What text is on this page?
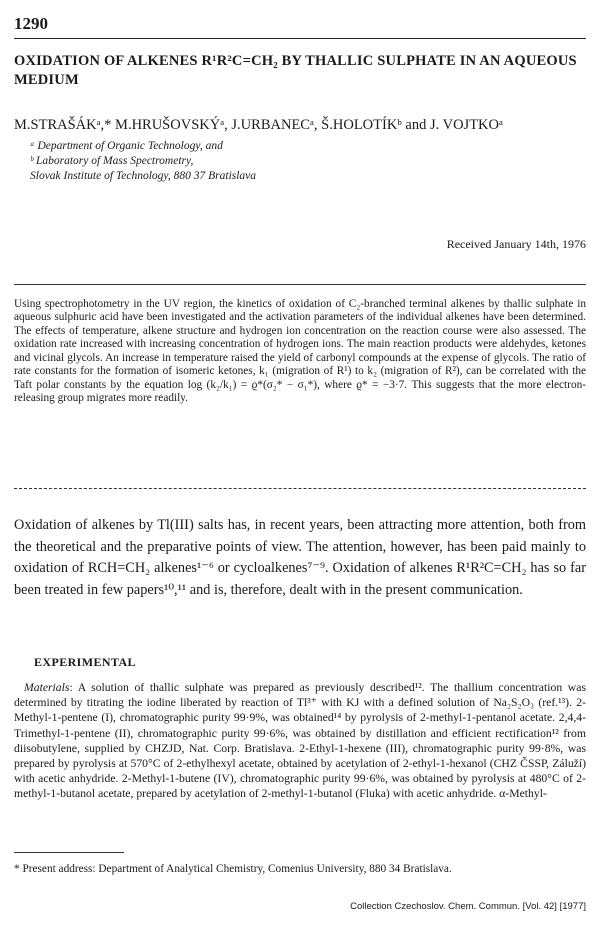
1290
OXIDATION OF ALKENES R¹R²C=CH₂ BY THALLIC SULPHATE IN AN AQUEOUS MEDIUM
M.STRAŠÁKᵃ,* M.HRUŠOVSKÝᵃ, J.URBANECᵃ, Š.HOLOTÍKᵇ and J. VOJTKOᵃ
ᵃ Department of Organic Technology, and
ᵇ Laboratory of Mass Spectrometry,
Slovak Institute of Technology, 880 37 Bratislava
Received January 14th, 1976

Using spectrophotometry in the UV region, the kinetics of oxidation of C₂-branched terminal alkenes by thallic sulphate in aqueous sulphuric acid have been investigated and the activation parameters of the individual alkenes have been determined. The effects of temperature, alkene structure and hydrogen ion concentration on the reaction course were also assessed. The oxidation rate increased with increasing concentration of hydrogen ions. The main reaction products were aldehydes, ketones and vicinal glycols. An increase in temperature raised the yield of carbonyl compounds at the expense of glycols. The ratio of rate constants for the formation of isomeric ketones, k₁ (migration of R¹) to k₂ (migration of R²), can be correlated with the Taft polar constants by the equation log (k₂/k₁) = ϱ*(σ₂* − σ₁*), where ϱ* = −3·7. This suggests that the more electron-releasing group migrates more readily.

Oxidation of alkenes by Tl(III) salts has, in recent years, been attracting more attention, both from the theoretical and the preparative points of view. The attention, however, has been paid mainly to oxidation of RCH=CH₂ alkenes¹⁻⁶ or cycloalkenes⁷⁻⁹. Oxidation of alkenes R¹R²C=CH₂ has so far been treated in few papers¹⁰,¹¹ and is, therefore, dealt with in the present communication.

EXPERIMENTAL

Materials: A solution of thallic sulphate was prepared as previously described¹². The thallium concentration was determined by titrating the iodine liberated by reaction of Tl³⁺ with KJ with a defined solution of Na₂S₂O₃ (ref.¹³). 2-Methyl-1-pentene (I), chromatographic purity 99·9%, was obtained¹⁴ by pyrolysis of 2-methyl-1-pentanol acetate. 2,4,4-Trimethyl-1-pentene (II), chromatographic purity 99·6%, was obtained by distillation and efficient rectification¹² from diisobutylene, supplied by CHZJD, Nat. Corp. Bratislava. 2-Ethyl-1-hexene (III), chromatographic purity 99·8%, was prepared by pyrolysis at 570°C of 2-ethylhexyl acetate, obtained by acetylation of 2-ethyl-1-hexanol (CHZ ČSSP, Záluží) with acetic anhydride. 2-Methyl-1-butene (IV), chromatographic purity 99·6%, was obtained by pyrolysis at 480°C of 2-methyl-1-butanol acetate, prepared by acetylation of 2-methyl-1-butanol (Fluka) with acetic anhydride. α-Methyl-

* Present address: Department of Analytical Chemistry, Comenius University, 880 34 Bratislava.
Collection Czechoslov. Chem. Commun. [Vol. 42] [1977]
